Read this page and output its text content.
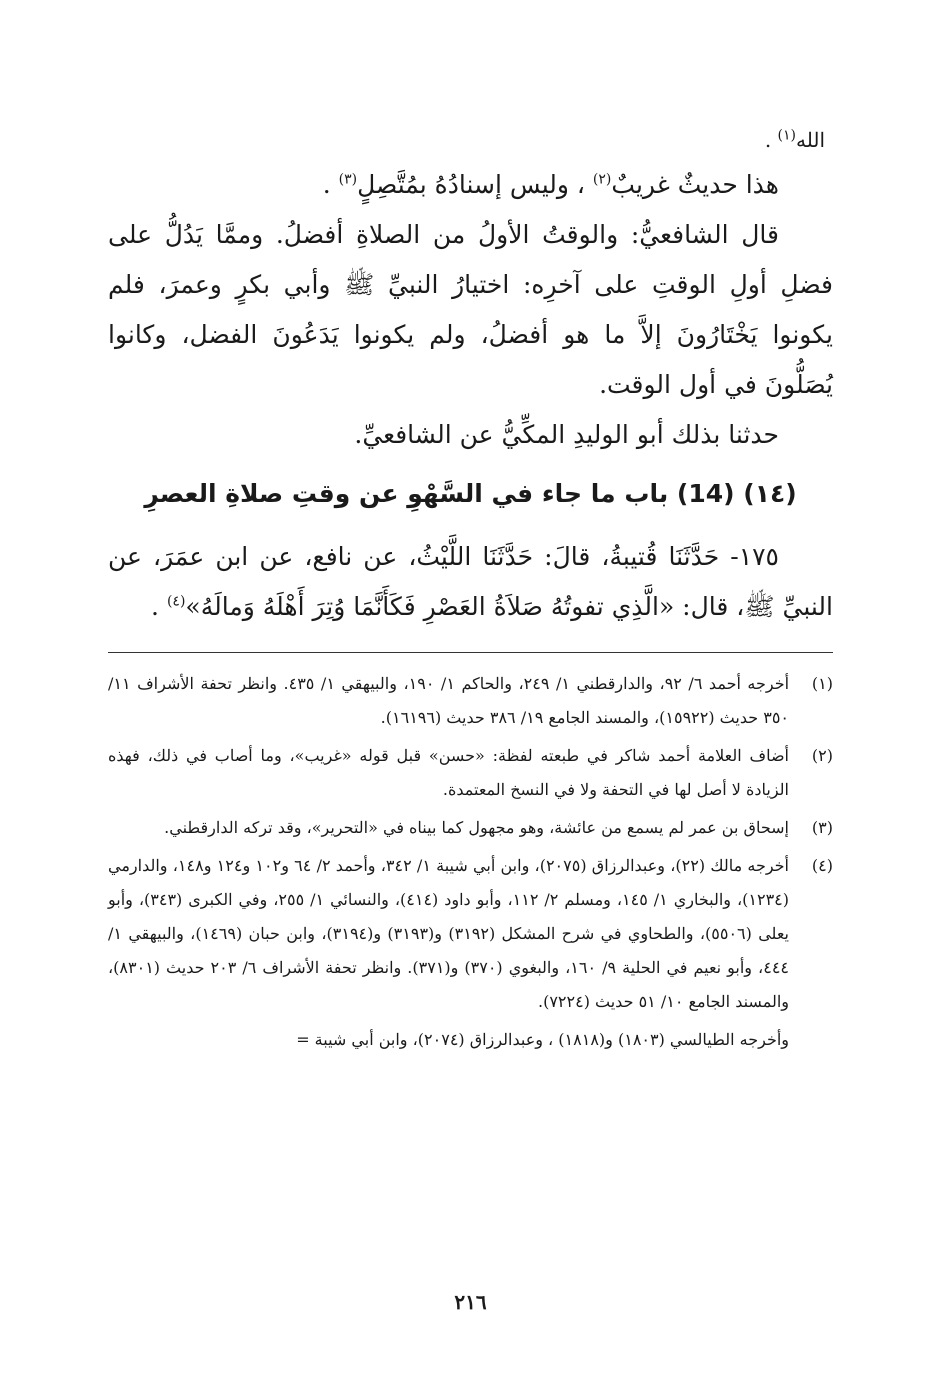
الله$^{(١)}$ .

هذا حديثٌ غريبٌ$^{(٢)}$ ، وليس إسنادُهُ بمُتَّصِلٍ$^{(٣)}$ .

قال الشافعيُّ: والوقتُ الأولُ من الصلاةِ أفضلُ. وممَّا يَدُلُّ على فضلِ أولِ الوقتِ على آخرِه: اختيارُ النبيِّ ﷺ وأبي بكرٍ وعمرَ، فلم يكونوا يَخْتَارُونَ إلاَّ ما هو أفضلُ، ولم يكونوا يَدَعُونَ الفضل، وكانوا يُصَلُّونَ في أول الوقت.

حدثنا بذلك أبو الوليدِ المكِّيُّ عن الشافعيِّ.

(١٤) (14) باب ما جاء في السَّهْوِ عن وقتِ صلاةِ العصرِ

١٧٥- حَدَّثَنَا قُتيبةُ، قالَ: حَدَّثَنَا اللَّيْثُ، عن نافع، عن ابن عمَرَ، عن النبيِّ ﷺ، قال: «الَّذِي تفوتُهُ صَلاَةُ العَصْرِ فَكَأَنَّمَا وُتِرَ أَهْلَهُ وَمالَهُ»$^{(٤)}$ .

(١)
أخرجه أحمد ٦/ ٩٢، والدارقطني ١/ ٢٤٩، والحاكم ١/ ١٩٠، والبيهقي ١/ ٤٣٥. وانظر تحفة الأشراف ١١/ ٣٥٠ حديث (١٥٩٢٢)، والمسند الجامع ١٩/ ٣٨٦ حديث (١٦١٩٦).
(٢)
أضاف العلامة أحمد شاكر في طبعته لفظة: «حسن» قبل قوله «غريب»، وما أصاب في ذلك، فهذه الزيادة لا أصل لها في التحفة ولا في النسخ المعتمدة.
(٣)
إسحاق بن عمر لم يسمع من عائشة، وهو مجهول كما بيناه في «التحرير»، وقد تركه الدارقطني.
(٤)
أخرجه مالك (٢٢)، وعبدالرزاق (٢٠٧٥)، وابن أبي شيبة ١/ ٣٤٢، وأحمد ٢/ ٦٤ و١٠٢ و١٢٤ و١٤٨، والدارمي (١٢٣٤)، والبخاري ١/ ١٤٥، ومسلم ٢/ ١١٢، وأبو داود (٤١٤)، والنسائي ١/ ٢٥٥، وفي الكبرى (٣٤٣)، وأبو يعلى (٥٥٠٦)، والطحاوي في شرح المشكل (٣١٩٢) و(٣١٩٣) و(٣١٩٤)، وابن حبان (١٤٦٩)، والبيهقي ١/ ٤٤٤، وأبو نعيم في الحلية ٩/ ١٦٠، والبغوي (٣٧٠) و(٣٧١). وانظر تحفة الأشراف ٦/ ٢٠٣ حديث (٨٣٠١)، والمسند الجامع ١٠/ ٥١ حديث (٧٢٢٤).
وأخرجه الطيالسي (١٨٠٣) و(١٨١٨) ، وعبدالرزاق (٢٠٧٤)، وابن أبي شيبة =
٢١٦
